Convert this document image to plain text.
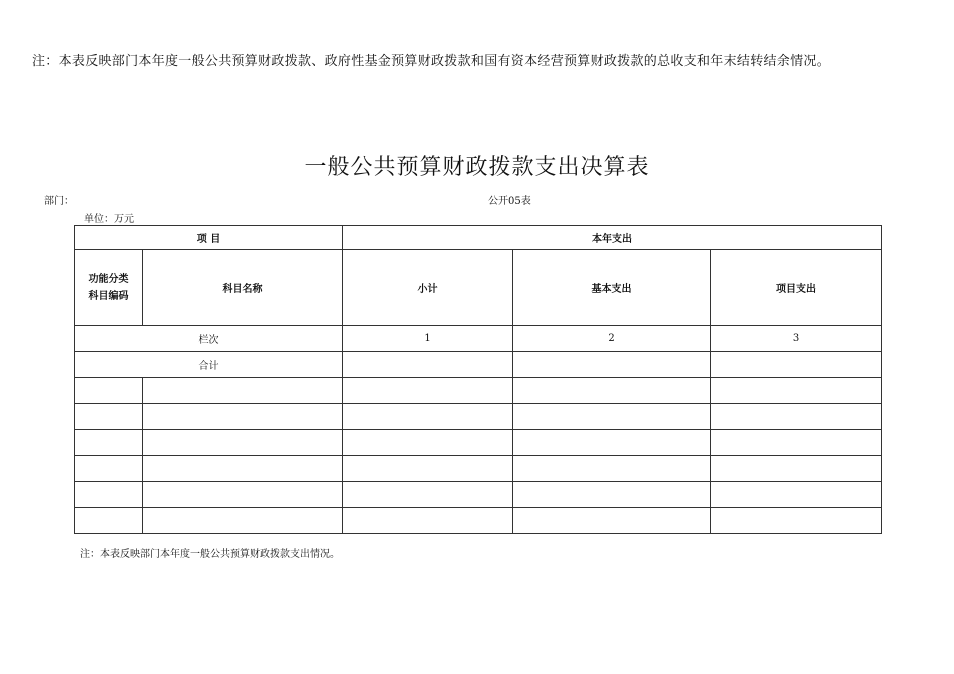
注：本表反映部门本年度一般公共预算财政拨款、政府性基金预算财政拨款和国有资本经营预算财政拨款的总收支和年末结转结余情况。
一般公共预算财政拨款支出决算表
部门：	公开05表
单位：万元
项 目		本年支出		
功能分类
科目编码	科目名称	小计	基本支出	项目支出
栏次		1	2	3
合计				

注：本表反映部门本年度一般公共预算财政拨款支出情况。
